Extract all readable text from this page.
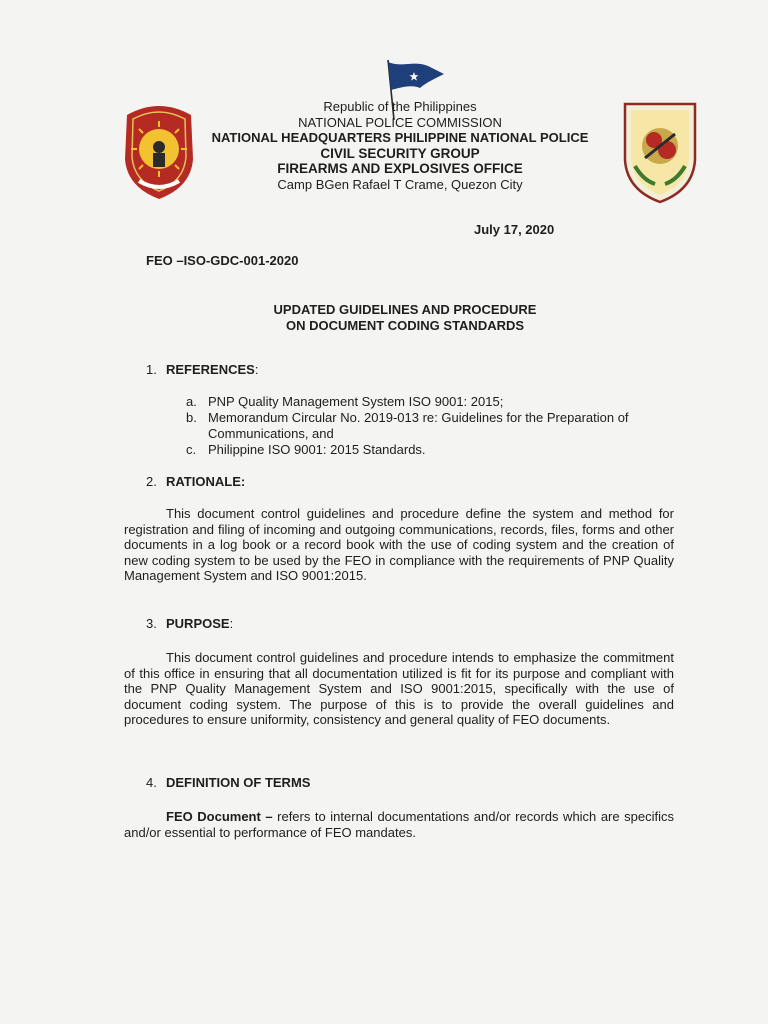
Republic of the Philippines
NATIONAL POLICE COMMISSION
NATIONAL HEADQUARTERS PHILIPPINE NATIONAL POLICE
CIVIL SECURITY GROUP
FIREARMS AND EXPLOSIVES OFFICE
Camp BGen Rafael T Crame, Quezon City
July 17, 2020
FEO –ISO-GDC-001-2020
UPDATED GUIDELINES AND PROCEDURE
ON DOCUMENT CODING STANDARDS
1. REFERENCES:
a. PNP Quality Management System ISO 9001: 2015;
b. Memorandum Circular No. 2019-013 re: Guidelines for the Preparation of Communications, and
c. Philippine ISO 9001: 2015 Standards.
2. RATIONALE:
This document control guidelines and procedure define the system and method for registration and filing of incoming and outgoing communications, records, files, forms and other documents in a log book or a record book with the use of coding system and the creation of new coding system to be used by the FEO in compliance with the requirements of PNP Quality Management System and ISO 9001:2015.
3. PURPOSE:
This document control guidelines and procedure intends to emphasize the commitment of this office in ensuring that all documentation utilized is fit for its purpose and compliant with the PNP Quality Management System and ISO 9001:2015, specifically with the use of document coding system. The purpose of this is to provide the overall guidelines and procedures to ensure uniformity, consistency and general quality of FEO documents.
4. DEFINITION OF TERMS
FEO Document – refers to internal documentations and/or records which are specifics and/or essential to performance of FEO mandates.
